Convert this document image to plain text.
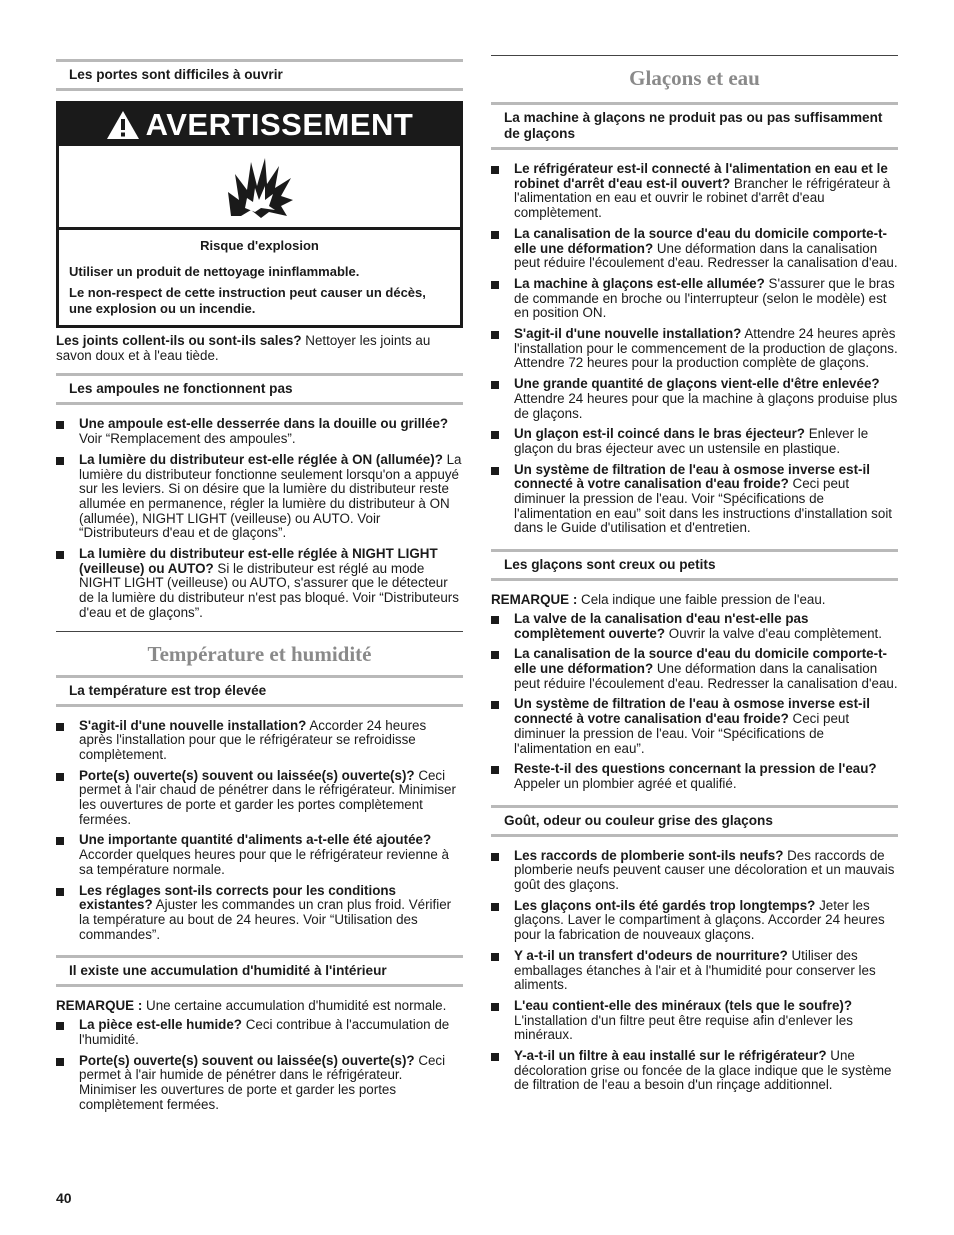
Les portes sont difficiles à ouvrir
AVERTISSEMENT

Risque d'explosion

Utiliser un produit de nettoyage ininflammable.

Le non-respect de cette instruction peut causer un décès, une explosion ou un incendie.

Les joints collent-ils ou sont-ils sales? Nettoyer les joints au savon doux et à l'eau tiède.

Les ampoules ne fonctionnent pas
Une ampoule est-elle desserrée dans la douille ou grillée? Voir “Remplacement des ampoules”.
La lumière du distributeur est-elle réglée à ON (allumée)? La lumière du distributeur fonctionne seulement lorsqu'on a appuyé sur les leviers. Si on désire que la lumière du distributeur reste allumée en permanence, régler la lumière du distributeur à ON (allumée), NIGHT LIGHT (veilleuse) ou AUTO. Voir “Distributeurs d'eau et de glaçons”.
La lumière du distributeur est-elle réglée à NIGHT LIGHT (veilleuse) ou AUTO? Si le distributeur est réglé au mode NIGHT LIGHT (veilleuse) ou AUTO, s'assurer que le détecteur de la lumière du distributeur n'est pas bloqué. Voir “Distributeurs d'eau et de glaçons”.
Température et humidité
La température est trop élevée
S'agit-il d'une nouvelle installation? Accorder 24 heures après l'installation pour que le réfrigérateur se refroidisse complètement.
Porte(s) ouverte(s) souvent ou laissée(s) ouverte(s)? Ceci permet à l'air chaud de pénétrer dans le réfrigérateur. Minimiser les ouvertures de porte et garder les portes complètement fermées.
Une importante quantité d'aliments a-t-elle été ajoutée? Accorder quelques heures pour que le réfrigérateur revienne à sa température normale.
Les réglages sont-ils corrects pour les conditions existantes? Ajuster les commandes un cran plus froid. Vérifier la température au bout de 24 heures. Voir “Utilisation des commandes”.
Il existe une accumulation d'humidité à l'intérieur

REMARQUE : Une certaine accumulation d'humidité est normale.

La pièce est-elle humide? Ceci contribue à l'accumulation de l'humidité.
Porte(s) ouverte(s) souvent ou laissée(s) ouverte(s)? Ceci permet à l'air humide de pénétrer dans le réfrigérateur. Minimiser les ouvertures de porte et garder les portes complètement fermées.
Glaçons et eau
La machine à glaçons ne produit pas ou pas suffisamment de glaçons
Le réfrigérateur est-il connecté à l'alimentation en eau et le robinet d'arrêt d'eau est-il ouvert? Brancher le réfrigérateur à l'alimentation en eau et ouvrir le robinet d'arrêt d'eau complètement.
La canalisation de la source d'eau du domicile comporte-t-elle une déformation? Une déformation dans la canalisation peut réduire l'écoulement d'eau. Redresser la canalisation d'eau.
La machine à glaçons est-elle allumée? S'assurer que le bras de commande en broche ou l'interrupteur (selon le modèle) est en position ON.
S'agit-il d'une nouvelle installation? Attendre 24 heures après l'installation pour le commencement de la production de glaçons. Attendre 72 heures pour la production complète de glaçons.
Une grande quantité de glaçons vient-elle d'être enlevée? Attendre 24 heures pour que la machine à glaçons produise plus de glaçons.
Un glaçon est-il coincé dans le bras éjecteur? Enlever le glaçon du bras éjecteur avec un ustensile en plastique.
Un système de filtration de l'eau à osmose inverse est-il connecté à votre canalisation d'eau froide? Ceci peut diminuer la pression de l'eau. Voir “Spécifications de l'alimentation en eau” soit dans les instructions d'installation soit dans le Guide d'utilisation et d'entretien.
Les glaçons sont creux ou petits

REMARQUE : Cela indique une faible pression de l'eau.

La valve de la canalisation d'eau n'est-elle pas complètement ouverte? Ouvrir la valve d'eau complètement.
La canalisation de la source d'eau du domicile comporte-t-elle une déformation? Une déformation dans la canalisation peut réduire l'écoulement d'eau. Redresser la canalisation d'eau.
Un système de filtration de l'eau à osmose inverse est-il connecté à votre canalisation d'eau froide? Ceci peut diminuer la pression de l'eau. Voir “Spécifications de l'alimentation en eau”.
Reste-t-il des questions concernant la pression de l'eau? Appeler un plombier agréé et qualifié.
Goût, odeur ou couleur grise des glaçons
Les raccords de plomberie sont-ils neufs? Des raccords de plomberie neufs peuvent causer une décoloration et un mauvais goût des glaçons.
Les glaçons ont-ils été gardés trop longtemps? Jeter les glaçons. Laver le compartiment à glaçons. Accorder 24 heures pour la fabrication de nouveaux glaçons.
Y a-t-il un transfert d'odeurs de nourriture? Utiliser des emballages étanches à l'air et à l'humidité pour conserver les aliments.
L'eau contient-elle des minéraux (tels que le soufre)? L'installation d'un filtre peut être requise afin d'enlever les minéraux.
Y-a-t-il un filtre à eau installé sur le réfrigérateur? Une décoloration grise ou foncée de la glace indique que le système de filtration de l'eau a besoin d'un rinçage additionnel.
40
